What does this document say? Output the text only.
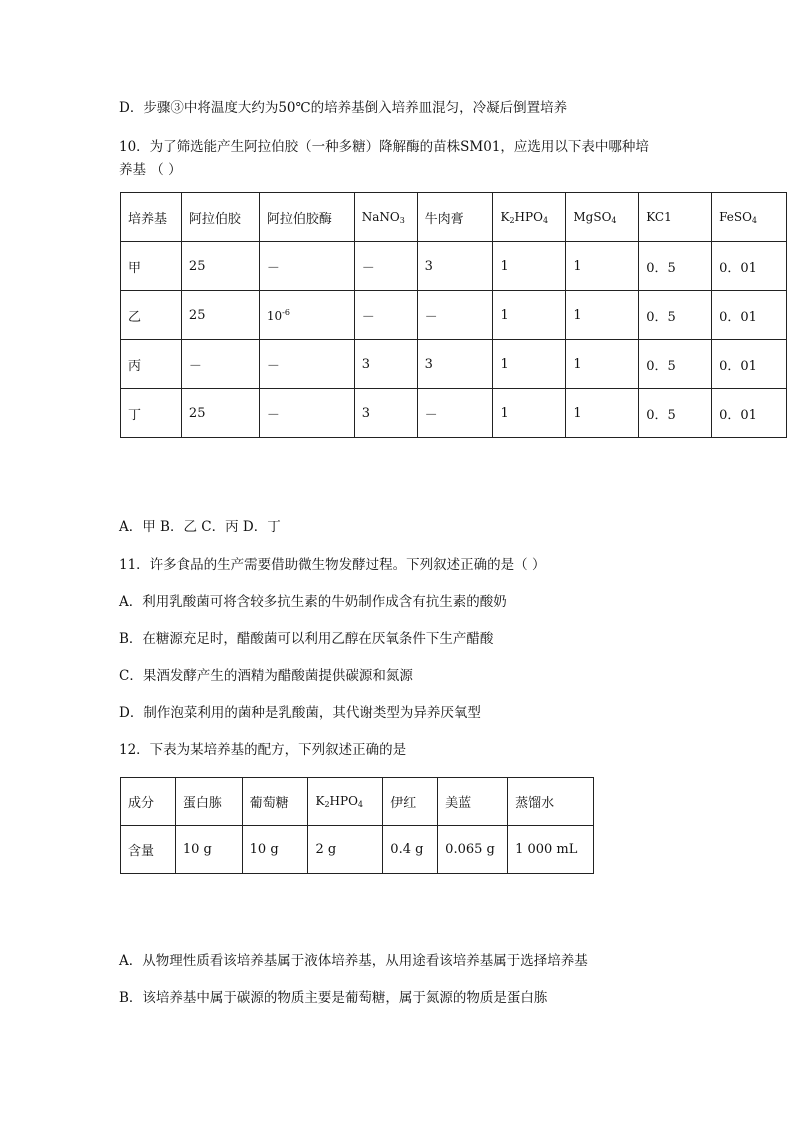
D．步骤③中将温度大约为50℃的培养基倒入培养皿混匀，冷凝后倒置培养
10．为了筛选能产生阿拉伯胶（一种多糖）降解酶的苗株SM01，应选用以下表中哪种培
养基 （ ）
培养基	阿拉伯胶	阿拉伯胶酶	NaNO$_3$	牛肉膏	$K_2HPO_4$	MgSO$_4$	KC1	FeSO$_4$
甲	25	－	－	3	1	1	0．5	0．01
乙	25	$10^{-6}$	－	－	1	1	0．5	0．01
丙	－	－	3	3	1	1	0．5	0．01
丁	25	－	3	－	1	1	0．5	0．01
A．甲 B．乙 C．丙 D．丁
11．许多食品的生产需要借助微生物发酵过程。下列叙述正确的是（ ）
A．利用乳酸菌可将含较多抗生素的牛奶制作成含有抗生素的酸奶
B．在糖源充足时，醋酸菌可以利用乙醇在厌氧条件下生产醋酸
C．果酒发酵产生的酒精为醋酸菌提供碳源和氮源
D．制作泡菜利用的菌种是乳酸菌，其代谢类型为异养厌氧型
12．下表为某培养基的配方，下列叙述正确的是
成分	蛋白胨	葡萄糖	$K_2HPO_4$	伊红	美蓝	蒸馏水
含量	10 g	10 g	2 g	0.4 g	0.065 g	1 000 mL
A．从物理性质看该培养基属于液体培养基，从用途看该培养基属于选择培养基
B．该培养基中属于碳源的物质主要是葡萄糖，属于氮源的物质是蛋白胨
